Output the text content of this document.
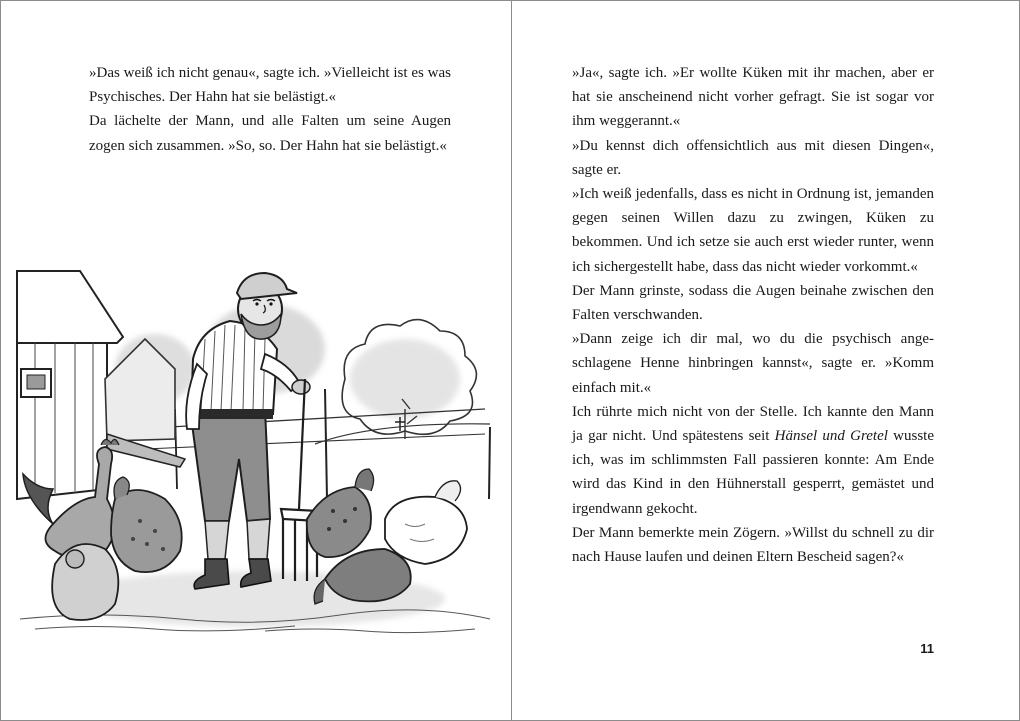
»Das weiß ich nicht genau«, sagte ich. »Vielleicht ist es was Psychisches. Der Hahn hat sie belästigt.«

Da lächelte der Mann, und alle Falten um seine Augen zogen sich zusammen. »So, so. Der Hahn hat sie belästigt.«

»Ja«, sagte ich. »Er wollte Küken mit ihr machen, aber er hat sie anscheinend nicht vorher gefragt. Sie ist sogar vor ihm weggerannt.«

»Du kennst dich offensichtlich aus mit diesen Dingen«, sagte er.

»Ich weiß jedenfalls, dass es nicht in Ordnung ist, jemanden gegen seinen Willen dazu zu zwingen, Küken zu bekommen. Und ich setze sie auch erst wieder runter, wenn ich sichergestellt habe, dass das nicht wieder vorkommt.«

Der Mann grinste, sodass die Augen beinahe zwischen den Falten verschwanden.

»Dann zeige ich dir mal, wo du die psychisch angeschlagene Henne hinbringen kannst«, sagte er. »Komm einfach mit.«

Ich rührte mich nicht von der Stelle. Ich kannte den Mann ja gar nicht. Und spätestens seit Hänsel und Gretel wusste ich, was im schlimmsten Fall passieren konnte: Am Ende wird das Kind in den Hühnerstall gesperrt, gemästet und irgendwann gekocht.

Der Mann bemerkte mein Zögern. »Willst du schnell zu dir nach Hause laufen und deinen Eltern Bescheid sagen?«

11
